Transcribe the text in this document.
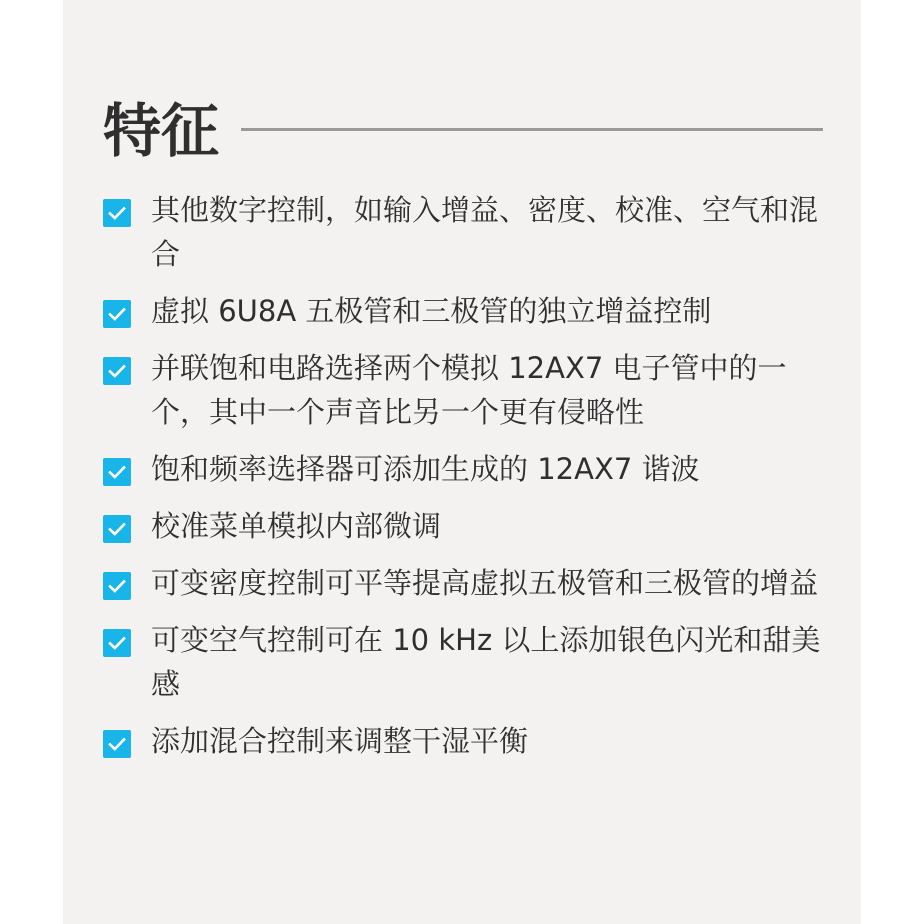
特征
其他数字控制，如输入增益、密度、校准、空气和混合
虚拟 6U8A 五极管和三极管的独立增益控制
并联饱和电路选择两个模拟 12AX7 电子管中的一个，其中一个声音比另一个更有侵略性
饱和频率选择器可添加生成的 12AX7 谐波
校准菜单模拟内部微调
可变密度控制可平等提高虚拟五极管和三极管的增益
可变空气控制可在 10 kHz 以上添加银色闪光和甜美感
添加混合控制来调整干湿平衡
